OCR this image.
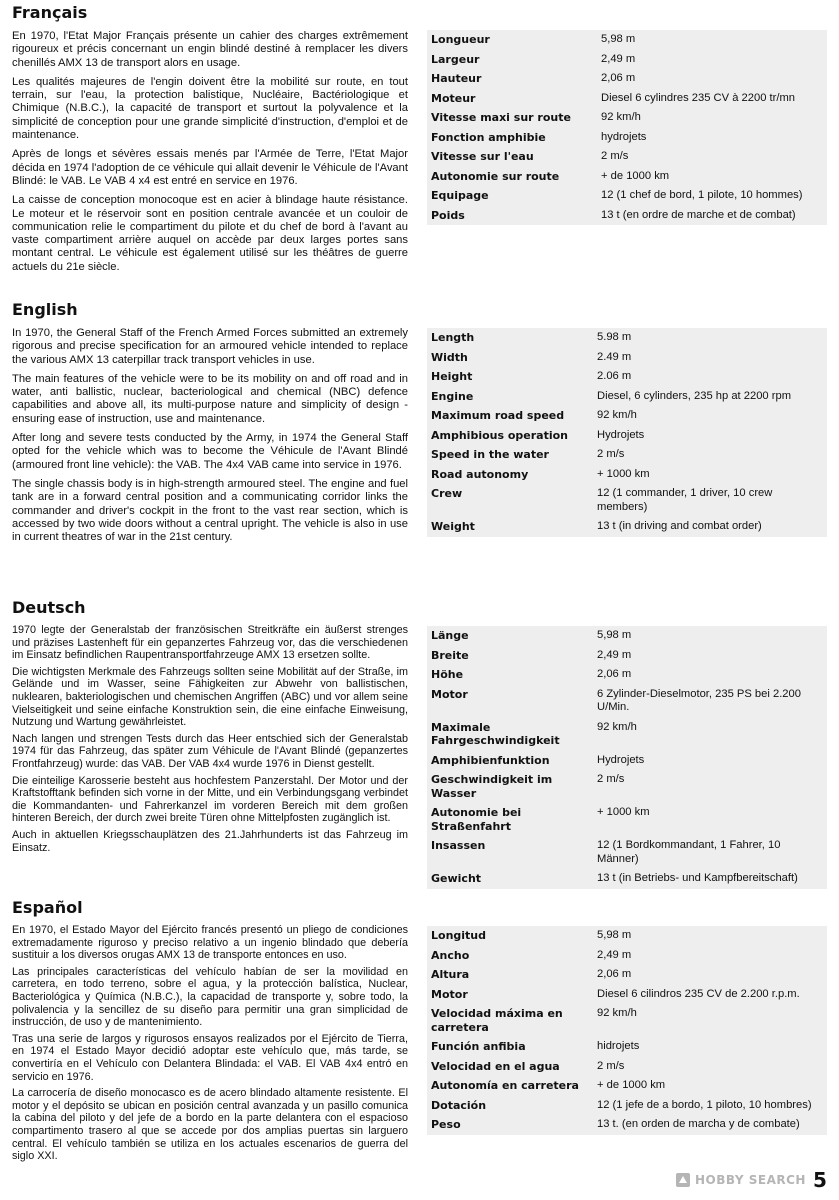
Français

En 1970, l'Etat Major Français présente un cahier des charges extrêmement rigoureux et précis concernant un engin blindé destiné à remplacer les divers chenillés AMX 13 de transport alors en usage.

Les qualités majeures de l'engin doivent être la mobilité sur route, en tout terrain, sur l'eau, la protection balistique, Nucléaire, Bactériologique et Chimique (N.B.C.), la capacité de transport et surtout la polyvalence et la simplicité de conception pour une grande simplicité d'instruction, d'emploi et de maintenance.

Après de longs et sévères essais menés par l'Armée de Terre, l'Etat Major décida en 1974 l'adoption de ce véhicule qui allait devenir le Véhicule de l'Avant Blindé: le VAB. Le VAB 4 x4 est entré en service en 1976.

La caisse de conception monocoque est en acier à blindage haute résistance. Le moteur et le réservoir sont en position centrale avancée et un couloir de communication relie le compartiment du pilote et du chef de bord à l'avant au vaste compartiment arrière auquel on accède par deux larges portes sans montant central. Le véhicule est également utilisé sur les théâtres de guerre actuels du 21e siècle.

Longueur	5,98 m
Largeur	2,49 m
Hauteur	2,06 m
Moteur	Diesel 6 cylindres 235 CV à 2200 tr/mn
Vitesse maxi sur route	92 km/h
Fonction amphibie	hydrojets
Vitesse sur l'eau	2 m/s
Autonomie sur route	+ de 1000 km
Equipage	12 (1 chef de bord, 1 pilote, 10 hommes)
Poids	13 t (en ordre de marche et de combat)
English

In 1970, the General Staff of the French Armed Forces submitted an extremely rigorous and precise specification for an armoured vehicle intended to replace the various AMX 13 caterpillar track transport vehicles in use.

The main features of the vehicle were to be its mobility on and off road and in water, anti ballistic, nuclear, bacteriological and chemical (NBC) defence capabilities and above all, its multi-purpose nature and simplicity of design - ensuring ease of instruction, use and maintenance.

After long and severe tests conducted by the Army, in 1974 the General Staff opted for the vehicle which was to become the Véhicule de l'Avant Blindé (armoured front line vehicle): the VAB. The 4x4 VAB came into service in 1976.

The single chassis body is in high-strength armoured steel. The engine and fuel tank are in a forward central position and a communicating corridor links the commander and driver's cockpit in the front to the vast rear section, which is accessed by two wide doors without a central upright. The vehicle is also in use in current theatres of war in the 21st century.

Length	5.98 m
Width	2.49 m
Height	2.06 m
Engine	Diesel, 6 cylinders, 235 hp at 2200 rpm
Maximum road speed	92 km/h
Amphibious operation	Hydrojets
Speed in the water	2 m/s
Road autonomy	+ 1000 km
Crew	12 (1 commander, 1 driver, 10 crew members)
Weight	13 t (in driving and combat order)
Deutsch

1970 legte der Generalstab der französischen Streitkräfte ein äußerst strenges und präzises Lastenheft für ein gepanzertes Fahrzeug vor, das die verschiedenen im Einsatz befindlichen Raupentransportfahrzeuge AMX 13 ersetzen sollte.

Die wichtigsten Merkmale des Fahrzeugs sollten seine Mobilität auf der Straße, im Gelände und im Wasser, seine Fähigkeiten zur Abwehr von ballistischen, nuklearen, bakteriologischen und chemischen Angriffen (ABC) und vor allem seine Vielseitigkeit und seine einfache Konstruktion sein, die eine einfache Einweisung, Nutzung und Wartung gewährleistet.

Nach langen und strengen Tests durch das Heer entschied sich der Generalstab 1974 für das Fahrzeug, das später zum Véhicule de l'Avant Blindé (gepanzertes Frontfahrzeug) wurde: das VAB. Der VAB 4x4 wurde 1976 in Dienst gestellt.

Die einteilige Karosserie besteht aus hochfestem Panzerstahl. Der Motor und der Kraftstofftank befinden sich vorne in der Mitte, und ein Verbindungsgang verbindet die Kommandanten- und Fahrerkanzel im vorderen Bereich mit dem großen hinteren Bereich, der durch zwei breite Türen ohne Mittelpfosten zugänglich ist.

Auch in aktuellen Kriegsschauplätzen des 21.Jahrhunderts ist das Fahrzeug im Einsatz.

Länge	5,98 m
Breite	2,49 m
Höhe	2,06 m
Motor	6 Zylinder-Dieselmotor, 235 PS bei 2.200 U/Min.
Maximale Fahrgeschwindigkeit	92 km/h
Amphibienfunktion	Hydrojets
Geschwindigkeit im Wasser	2 m/s
Autonomie bei Straßenfahrt	+ 1000 km
Insassen	12 (1 Bordkommandant, 1 Fahrer, 10 Männer)
Gewicht	13 t (in Betriebs- und Kampfbereitschaft)
Español

En 1970, el Estado Mayor del Ejército francés presentó un pliego de condiciones extremadamente riguroso y preciso relativo a un ingenio blindado que debería sustituir a los diversos orugas AMX 13 de transporte entonces en uso.

Las principales características del vehículo habían de ser la movilidad en carretera, en todo terreno, sobre el agua, y la protección balística, Nuclear, Bacteriológica y Química (N.B.C.), la capacidad de transporte y, sobre todo, la polivalencia y la sencillez de su diseño para permitir una gran simplicidad de instrucción, de uso y de mantenimiento.

Tras una serie de largos y rigurosos ensayos realizados por el Ejército de Tierra, en 1974 el Estado Mayor decidió adoptar este vehículo que, más tarde, se convertiría en el Vehículo con Delantera Blindada: el VAB. El VAB 4x4 entró en servicio en 1976.

La carrocería de diseño monocasco es de acero blindado altamente resistente. El motor y el depósito se ubican en posición central avanzada y un pasillo comunica la cabina del piloto y del jefe de a bordo en la parte delantera con el espacioso compartimento trasero al que se accede por dos amplias puertas sin larguero central. El vehículo también se utiliza en los actuales escenarios de guerra del siglo XXI.

Longitud	5,98 m
Ancho	2,49 m
Altura	2,06 m
Motor	Diesel 6 cilindros 235 CV de 2.200 r.p.m.
Velocidad máxima en carretera	92 km/h
Función anfibia	hidrojets
Velocidad en el agua	2 m/s
Autonomía en carretera	+ de 1000 km
Dotación	12 (1 jefe de a bordo, 1 piloto, 10 hombres)
Peso	13 t. (en orden de marcha y de combate)
HOBBY SEARCH 5
